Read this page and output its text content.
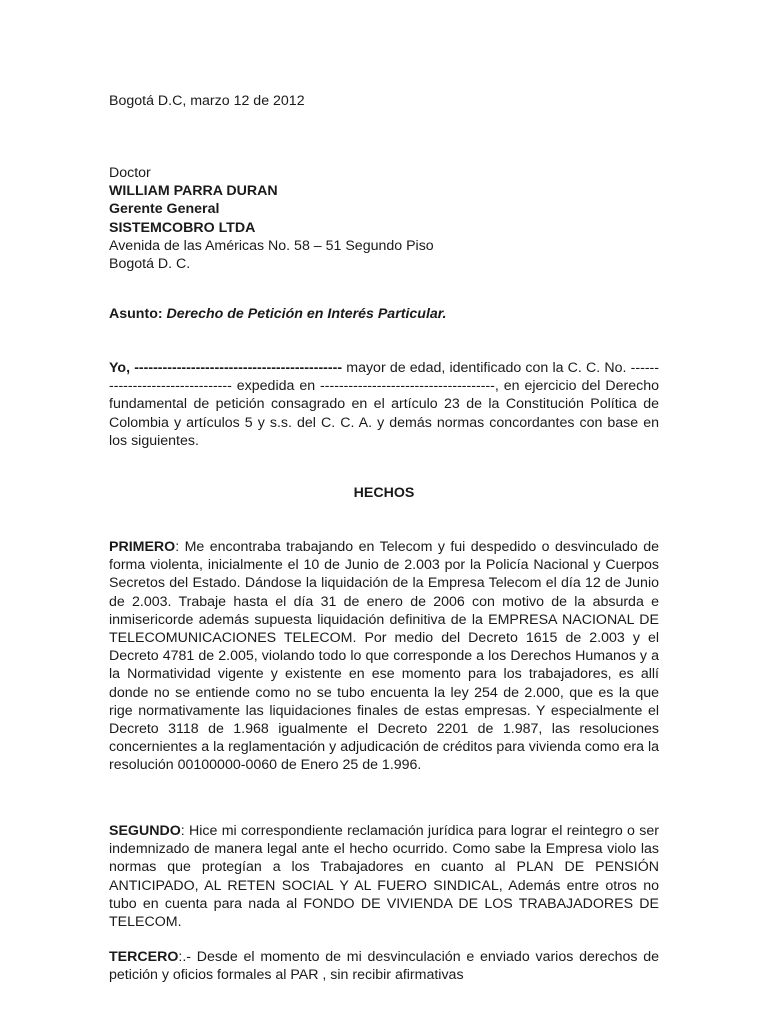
Bogotá D.C, marzo 12 de 2012

Doctor

WILLIAM PARRA DURAN

Gerente General

SISTEMCOBRO LTDA

Avenida de las Américas No. 58 – 51 Segundo Piso

Bogotá D. C.

Asunto: Derecho de Petición en Interés Particular.

Yo, -------------------------------------------- mayor de edad, identificado con la C. C. No. -------------------------------- expedida en -------------------------------------, en ejercicio del Derecho fundamental de petición consagrado en el artículo 23 de la Constitución Política de Colombia y artículos 5 y s.s. del C. C. A. y demás normas concordantes con base en los siguientes.

HECHOS

PRIMERO: Me encontraba trabajando en Telecom y fui despedido o desvinculado de forma violenta, inicialmente el 10 de Junio de 2.003 por la Policía Nacional y Cuerpos Secretos del Estado. Dándose la liquidación de la Empresa Telecom el día 12 de Junio de 2.003. Trabaje hasta el día 31 de enero de 2006 con motivo de la absurda e inmisericorde además supuesta liquidación definitiva de la EMPRESA NACIONAL DE TELECOMUNICACIONES TELECOM. Por medio del Decreto 1615 de 2.003 y el Decreto 4781 de 2.005, violando todo lo que corresponde a los Derechos Humanos y a la Normatividad vigente y existente en ese momento para los trabajadores, es allí donde no se entiende como no se tubo encuenta la ley 254 de 2.000, que es la que rige normativamente las liquidaciones finales de estas empresas. Y especialmente el Decreto 3118 de 1.968 igualmente el Decreto 2201 de 1.987, las resoluciones concernientes a la reglamentación y adjudicación de créditos para vivienda como era la resolución 00100000-0060 de Enero 25 de 1.996.

SEGUNDO: Hice mi correspondiente reclamación jurídica para lograr el reintegro o ser indemnizado de manera legal ante el hecho ocurrido. Como sabe la Empresa violo las normas que protegían a los Trabajadores en cuanto al PLAN DE PENSIÓN ANTICIPADO, AL RETEN SOCIAL Y AL FUERO SINDICAL, Además entre otros no tubo en cuenta para nada al FONDO DE VIVIENDA DE LOS TRABAJADORES DE TELECOM.

TERCERO:.- Desde el momento de mi desvinculación e enviado varios derechos de petición y oficios formales al PAR , sin recibir afirmativas
